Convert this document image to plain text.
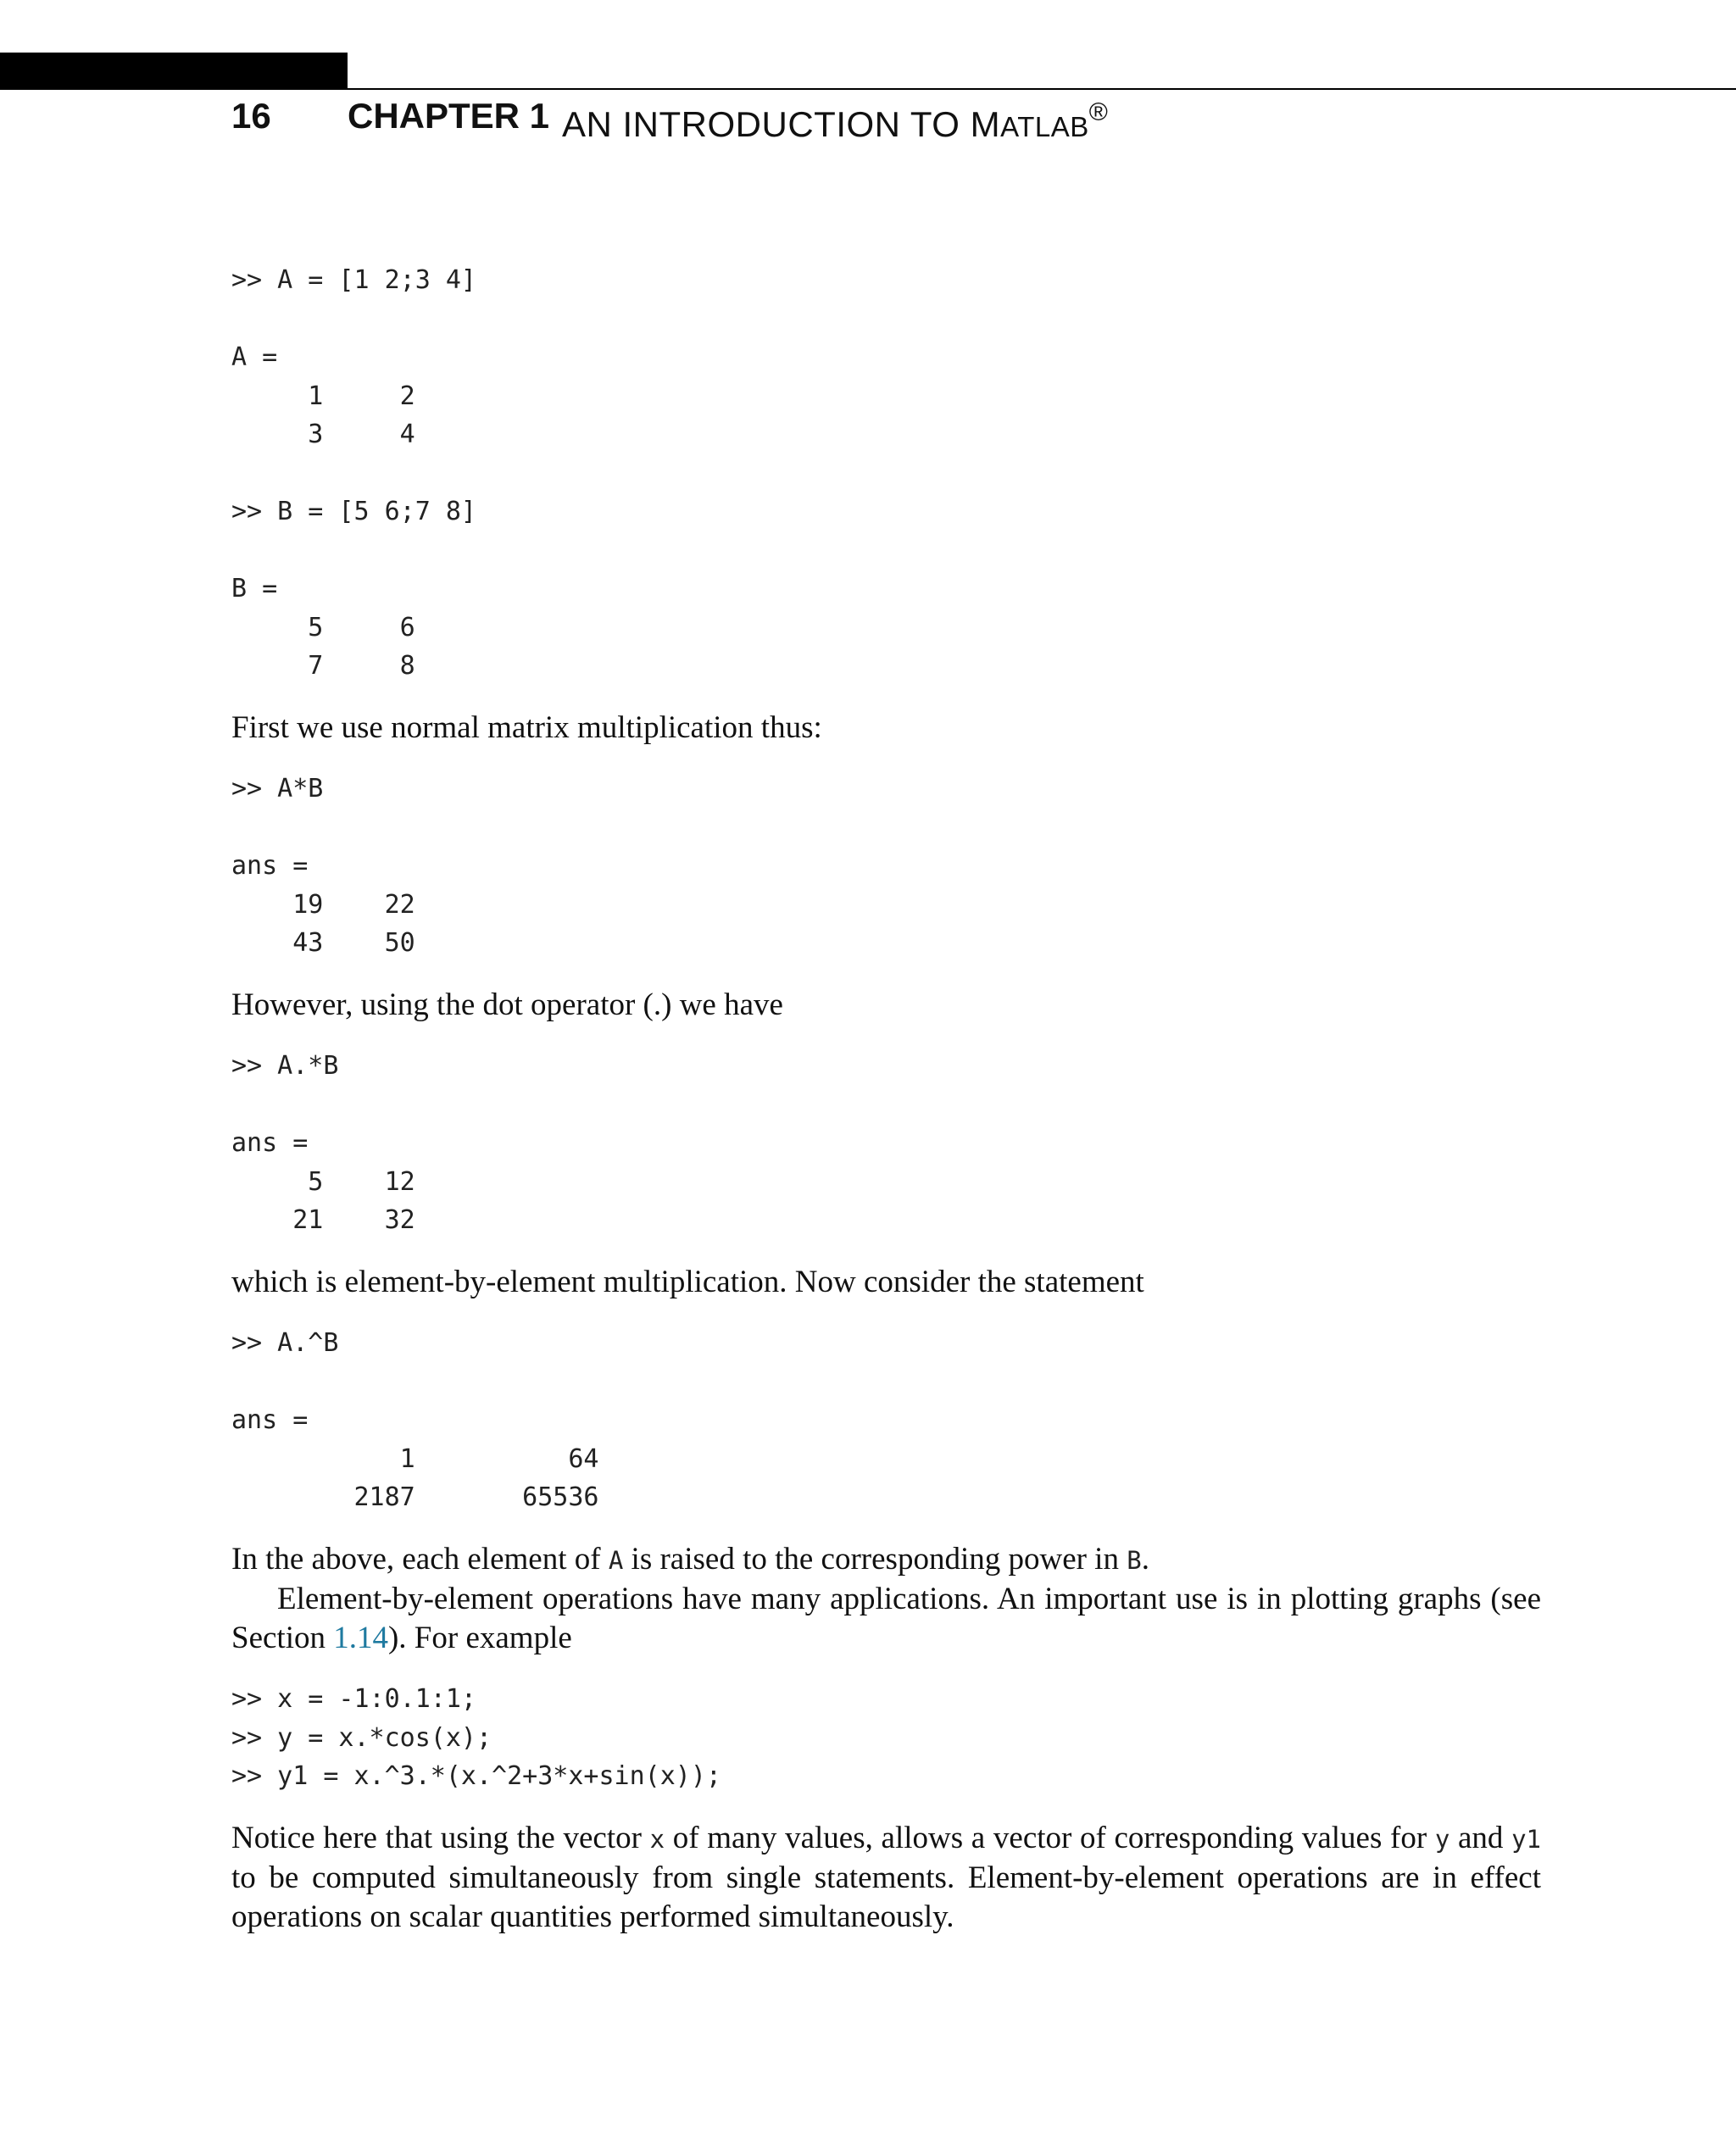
16 CHAPTER 1 AN INTRODUCTION TO MATLAB®
>> A = [1 2;3 4]

A =
1     2
3     4

>> B = [5 6;7 8]

B =
5     6
7     8

First we use normal matrix multiplication thus:

>> A*B

ans =
19    22
43    50

However, using the dot operator (.) we have

>> A.*B

ans =
5    12
21    32

which is element-by-element multiplication. Now consider the statement

>> A.^B

ans =
1          64
2187       65536

In the above, each element of A is raised to the corresponding power in B.

Element-by-element operations have many applications. An important use is in plotting graphs (see Section 1.14). For example

>> x = -1:0.1:1;
>> y = x.*cos(x);
>> y1 = x.^3.*(x.^2+3*x+sin(x));

Notice here that using the vector x of many values, allows a vector of corresponding values for y and y1 to be computed simultaneously from single statements. Element-by-element operations are in effect operations on scalar quantities performed simultaneously.
